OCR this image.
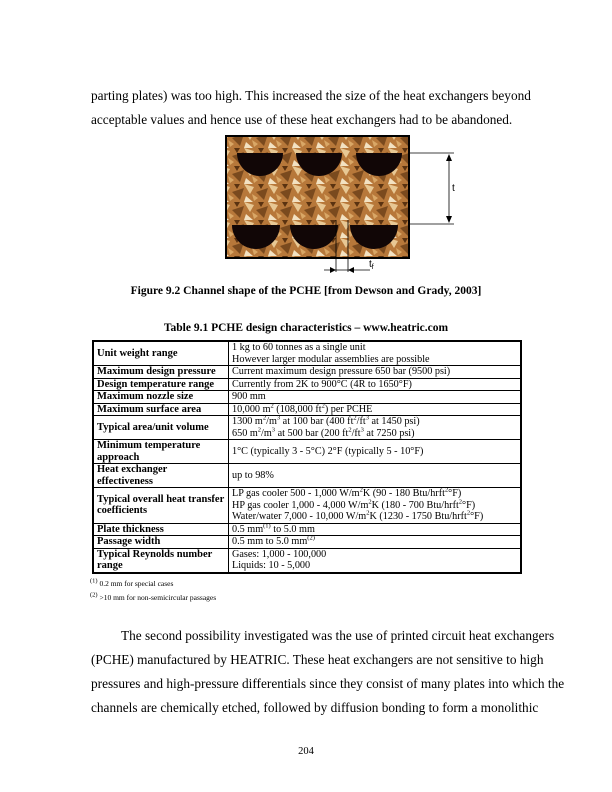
parting plates) was too high. This increased the size of the heat exchangers beyond
acceptable values and hence use of these heat exchangers had to be abandoned.
t
$t_f$
Figure 9.2 Channel shape of the PCHE [from Dewson and Grady, 2003]
Table 9.1 PCHE design characteristics – www.heatric.com
Unit weight range	1 kg to 60 tonnes as a single unit
However larger modular assemblies are possible

Maximum design pressure	Current maximum design pressure 650 bar (9500 psi)

Design temperature range	Currently from 2K to 900°C (4R to 1650°F)

Maximum nozzle size	900 mm

Maximum surface area	10,000 $m^2$ (108,000 $ft^2$) per PCHE

Typical area/unit volume	1300 $m^2/m^3$ at 100 bar (400 $ft^2/ft^3$ at 1450 psi)
650 $m^2/m^3$ at 500 bar (200 $ft^2/ft^3$ at 7250 psi)

Minimum temperature approach	1°C (typically 3 - 5°C) 2°F (typically 5 - 10°F)

Heat exchanger effectiveness	up to 98%

Typical overall heat transfer coefficients	LP gas cooler 500 - 1,000 $W/m^2K$ (90 - 180 Btu/hrft$^2$°F)
HP gas cooler 1,000 - 4,000 $W/m^2K$ (180 - 700 Btu/hrft$^2$°F)
Water/water 7,000 - 10,000 $W/m^2K$ (1230 - 1750 Btu/hrft$^2$°F)

Plate thickness	0.5 $mm^{(1)}$ to 5.0 mm

Passage width	0.5 mm to 5.0 $mm^{(2)}$

Typical Reynolds number range	Gases: 1,000 - 100,000
Liquids: 10 - 5,000
$^{(1)}$ 0.2 mm for special cases
$^{(2)}$ >10 mm for non-semicircular passages
The second possibility investigated was the use of printed circuit heat exchangers
(PCHE) manufactured by HEATRIC. These heat exchangers are not sensitive to high
pressures and high-pressure differentials since they consist of many plates into which the
channels are chemically etched, followed by diffusion bonding to form a monolithic
204
